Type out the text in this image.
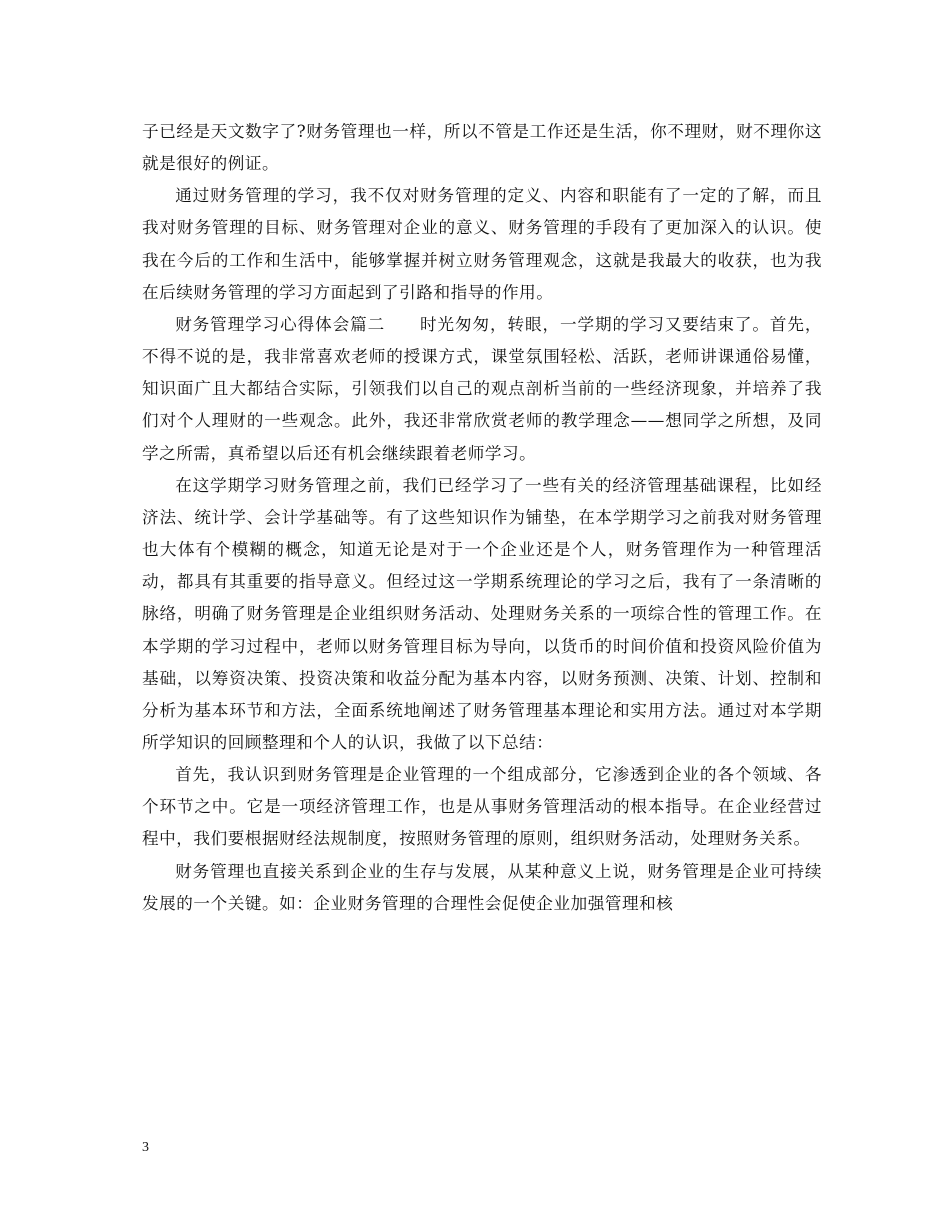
子已经是天文数字了?财务管理也一样，所以不管是工作还是生活，你不理财，财不理你这就是很好的例证。

通过财务管理的学习，我不仅对财务管理的定义、内容和职能有了一定的了解，而且我对财务管理的目标、财务管理对企业的意义、财务管理的手段有了更加深入的认识。使我在今后的工作和生活中，能够掌握并树立财务管理观念，这就是我最大的收获，也为我在后续财务管理的学习方面起到了引路和指导的作用。

财务管理学习心得体会篇二　　时光匆匆，转眼，一学期的学习又要结束了。首先，不得不说的是，我非常喜欢老师的授课方式，课堂氛围轻松、活跃，老师讲课通俗易懂，知识面广且大都结合实际，引领我们以自己的观点剖析当前的一些经济现象，并培养了我们对个人理财的一些观念。此外，我还非常欣赏老师的教学理念——想同学之所想，及同学之所需，真希望以后还有机会继续跟着老师学习。

在这学期学习财务管理之前，我们已经学习了一些有关的经济管理基础课程，比如经济法、统计学、会计学基础等。有了这些知识作为铺垫，在本学期学习之前我对财务管理也大体有个模糊的概念，知道无论是对于一个企业还是个人，财务管理作为一种管理活动，都具有其重要的指导意义。但经过这一学期系统理论的学习之后，我有了一条清晰的脉络，明确了财务管理是企业组织财务活动、处理财务关系的一项综合性的管理工作。在本学期的学习过程中，老师以财务管理目标为导向，以货币的时间价值和投资风险价值为基础，以筹资决策、投资决策和收益分配为基本内容，以财务预测、决策、计划、控制和分析为基本环节和方法，全面系统地阐述了财务管理基本理论和实用方法。通过对本学期所学知识的回顾整理和个人的认识，我做了以下总结：

首先，我认识到财务管理是企业管理的一个组成部分，它渗透到企业的各个领域、各个环节之中。它是一项经济管理工作，也是从事财务管理活动的根本指导。在企业经营过程中，我们要根据财经法规制度，按照财务管理的原则，组织财务活动，处理财务关系。

财务管理也直接关系到企业的生存与发展，从某种意义上说，财务管理是企业可持续发展的一个关键。如：企业财务管理的合理性会促使企业加强管理和核

3
